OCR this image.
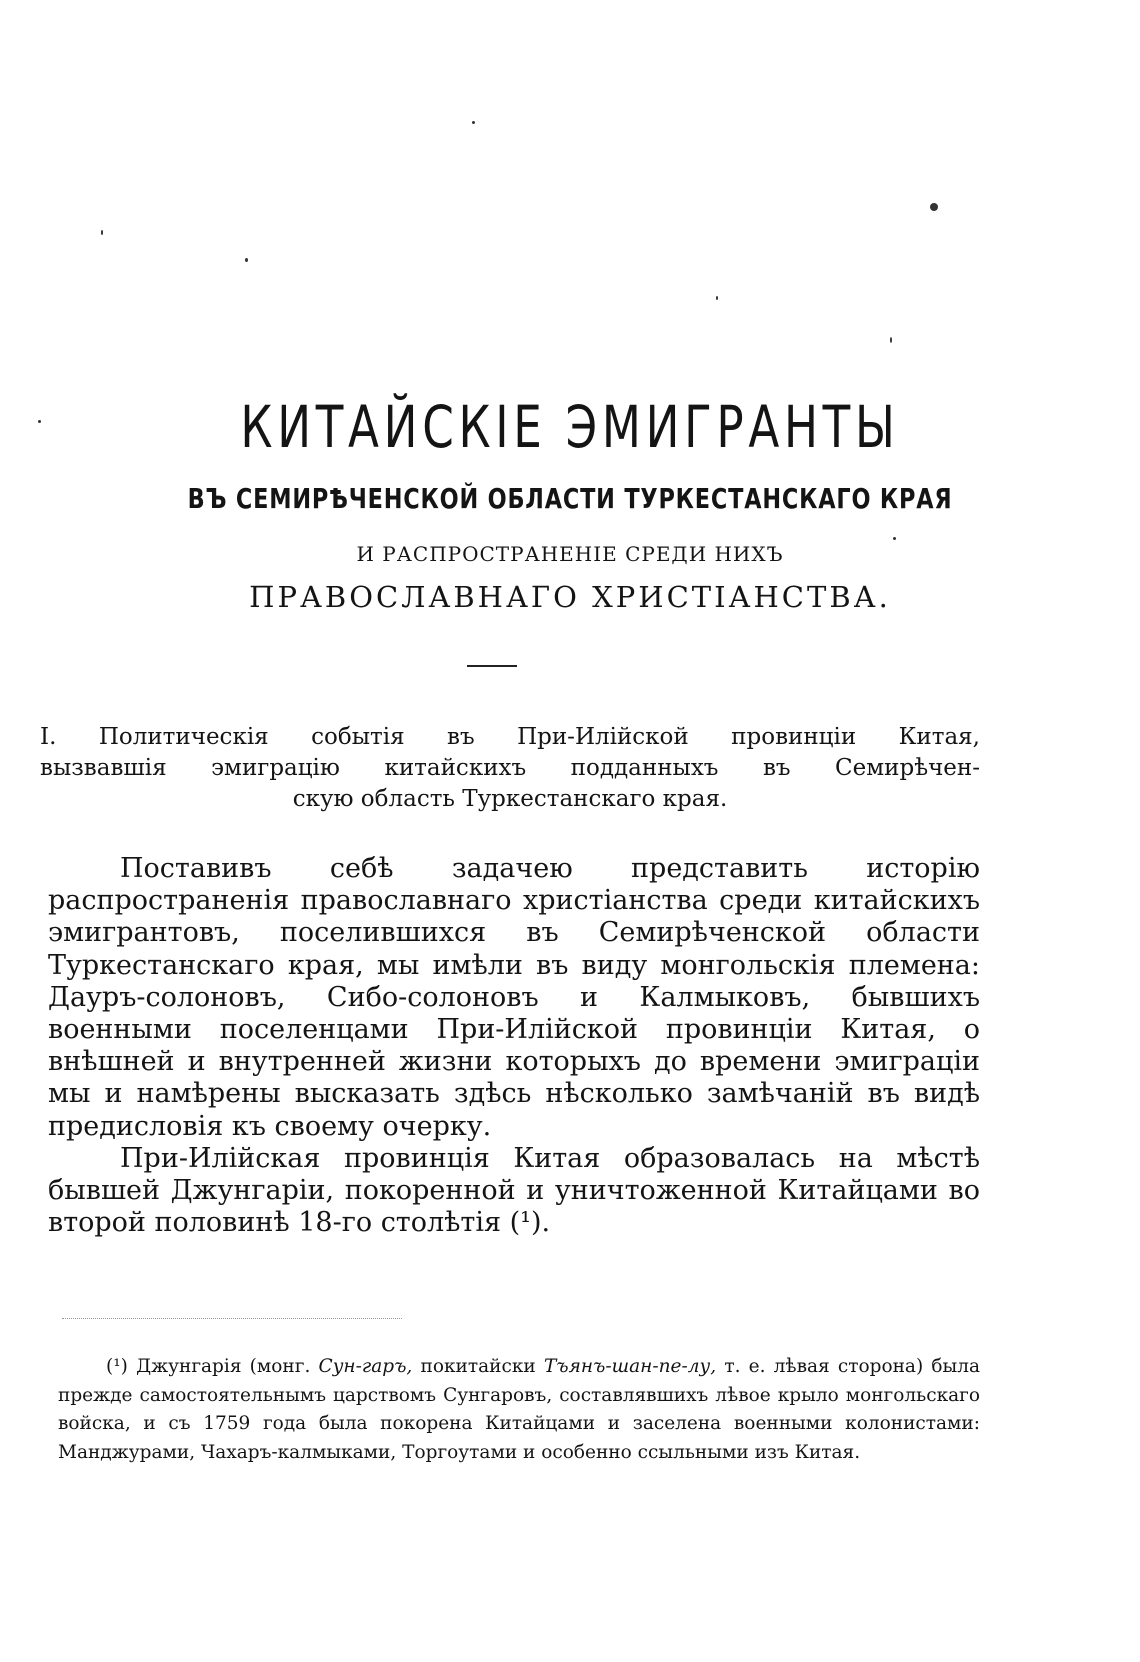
КИТАЙСКІЕ ЭМИГРАНТЫ
ВЪ СЕМИРѢЧЕНСКОЙ ОБЛАСТИ ТУРКЕСТАНСКАГО КРАЯ
И РАСПРОСТРАНЕНІЕ СРЕДИ НИХЪ
ПРАВОСЛАВНАГО ХРИСТІАНСТВА.
I. Политическія событія въ При-Илійской провинціи Китая,
вызвавшія эмиграцію китайскихъ подданныхъ въ Семирѣчен-
скую область Туркестанскаго края.

Поставивъ себѣ задачею представить исторію распространенія православнаго христіанства среди китайскихъ эмигрантовъ, поселившихся въ Семирѣченской области Туркестанскаго края, мы имѣли въ виду монгольскія племена: Дауръ-солоновъ, Сибо-солоновъ и Калмыковъ, бывшихъ военными поселенцами При-Илійской провинціи Китая, о внѣшней и внутренней жизни которыхъ до времени эмиграціи мы и намѣрены высказать здѣсь нѣсколько замѣчаній въ видѣ предисловія къ своему очерку.

При-Илійская провинція Китая образовалась на мѣстѣ бывшей Джунгаріи, покоренной и уничтоженной Китайцами во второй половинѣ 18-го столѣтія (¹).

(¹) Джунгарія (монг. Сун-гаръ, покитайски Тъянъ-шан-пе-лу, т. е. лѣвая сторона) была прежде самостоятельнымъ царствомъ Сунгаровъ, составлявшихъ лѣвое крыло монгольскаго войска, и съ 1759 года была покорена Китайцами и заселена военными колонистами: Манджурами, Чахаръ-калмыками, Торгоутами и особенно ссыльными изъ Китая.
